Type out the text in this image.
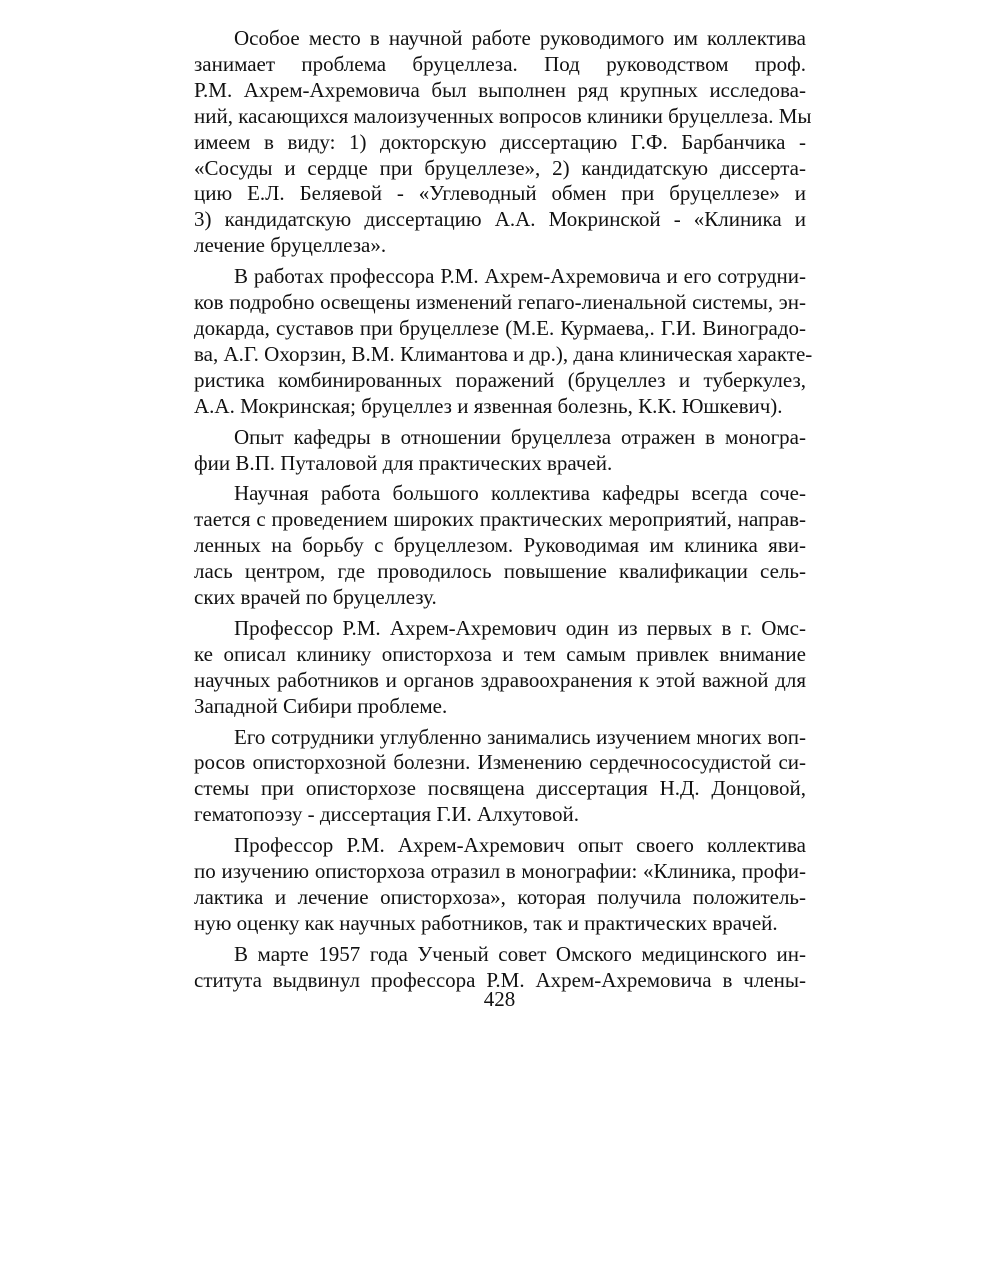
Особое место в научной работе руководимого им коллектива
занимает проблема бруцеллеза. Под руководством проф.
Р.М. Ахрем-Ахремовича был выполнен ряд крупных исследова-
ний, касающихся малоизученных вопросов клиники бруцеллеза. Мы
имеем в виду: 1) докторскую диссертацию Г.Ф. Барбанчика -
«Сосуды и сердце при бруцеллезе», 2) кандидатскую диссерта-
цию Е.Л. Беляевой - «Углеводный обмен при бруцеллезе» и
3) кандидатскую диссертацию А.А. Мокринской - «Клиника и
лечение бруцеллеза».
В работах профессора Р.М. Ахрем-Ахремовича и его сотрудни-
ков подробно освещены изменений гепаго-лиенальной системы, эн-
докарда, суставов при бруцеллезе (М.Е. Курмаева,. Г.И. Виноградо-
ва, А.Г. Охорзин, В.М. Климантова и др.), дана клиническая характе-
ристика комбинированных поражений (бруцеллез и туберкулез,
А.А. Мокринская; бруцеллез и язвенная болезнь, К.К. Юшкевич).
Опыт кафедры в отношении бруцеллеза отражен в моногра-
фии В.П. Путаловой для практических врачей.
Научная работа большого коллектива кафедры всегда соче-
тается с проведением широких практических мероприятий, направ-
ленных на борьбу с бруцеллезом. Руководимая им клиника яви-
лась центром, где проводилось повышение квалификации сель-
ских врачей по бруцеллезу.
Профессор Р.М. Ахрем-Ахремович один из первых в г. Омс-
ке описал клинику описторхоза и тем самым привлек внимание
научных работников и органов здравоохранения к этой важной для
Западной Сибири проблеме.
Его сотрудники углубленно занимались изучением многих воп-
росов описторхозной болезни. Изменению сердечнососудистой си-
стемы при описторхозе посвящена диссертация Н.Д. Донцовой,
гематопоэзу - диссертация Г.И. Алхутовой.
Профессор Р.М. Ахрем-Ахремович опыт своего коллектива
по изучению описторхоза отразил в монографии: «Клиника, профи-
лактика и лечение описторхоза», которая получила положитель-
ную оценку как научных работников, так и практических врачей.
В марте 1957 года Ученый совет Омского медицинского ин-
ститута выдвинул профессора Р.М. Ахрем-Ахремовича в члены-
428
